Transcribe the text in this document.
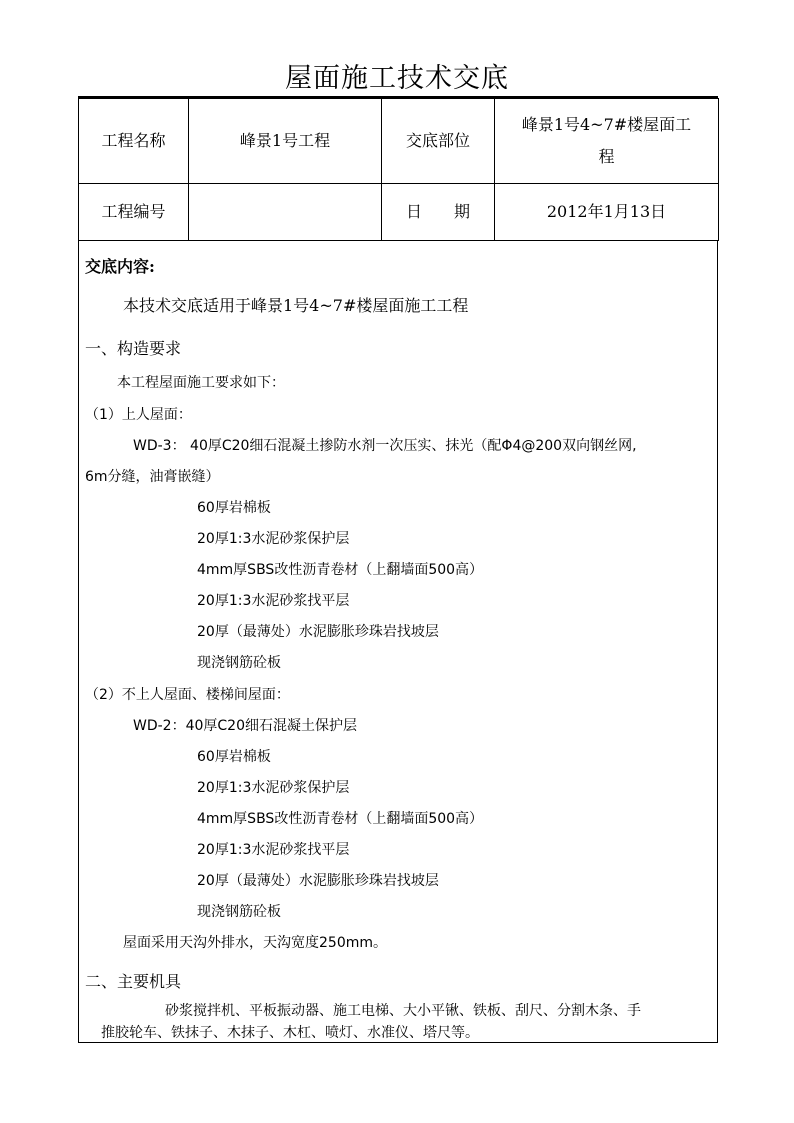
屋面施工技术交底
工程名称	峰景1号工程	交底部位	峰景1号4~7#楼屋面工
程

工程编号		日　　期	2012年1月13日
交底内容:
本技术交底适用于峰景1号4~7#楼屋面施工工程
一、构造要求
本工程屋面施工要求如下：
（1）上人屋面：
WD-3： 40厚C20细石混凝土掺防水剂一次压实、抹光（配Φ4@200双向钢丝网,
6m分缝，油膏嵌缝）
60厚岩棉板
20厚1:3水泥砂浆保护层
4mm厚SBS改性沥青卷材（上翻墙面500高）
20厚1:3水泥砂浆找平层
20厚（最薄处）水泥膨胀珍珠岩找坡层
现浇钢筋砼板
（2）不上人屋面、楼梯间屋面：
WD-2：40厚C20细石混凝土保护层
60厚岩棉板
20厚1:3水泥砂浆保护层
4mm厚SBS改性沥青卷材（上翻墙面500高）
20厚1:3水泥砂浆找平层
20厚（最薄处）水泥膨胀珍珠岩找坡层
现浇钢筋砼板
屋面采用天沟外排水，天沟宽度250mm。
二、主要机具
砂浆搅拌机、平板振动器、施工电梯、大小平锹、铁板、刮尺、分割木条、手
推胶轮车、铁抹子、木抹子、木杠、喷灯、水准仪、塔尺等。
